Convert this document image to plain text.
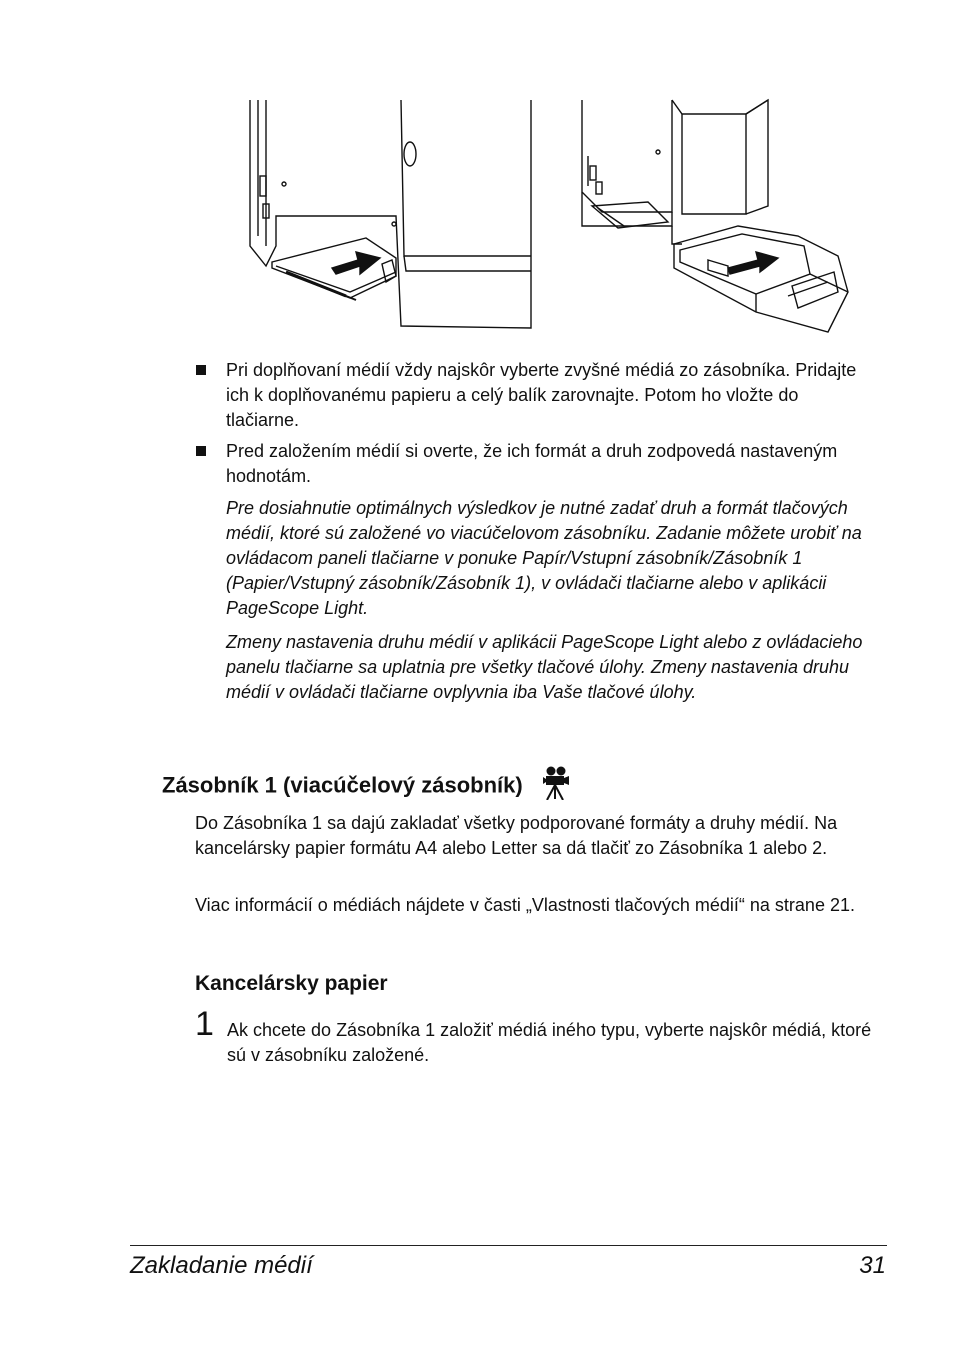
Pri doplňovaní médií vždy najskôr vyberte zvyšné médiá zo zásobníka. Pridajte ich k doplňovanému papieru a celý balík zarovnajte. Potom ho vložte do tlačiarne.
Pred založením médií si overte, že ich formát a druh zodpovedá nastaveným hodnotám.
Pre dosiahnutie optimálnych výsledkov je nutné zadať druh a formát tlačových médií, ktoré sú založené vo viacúčelovom zásobníku. Zadanie môžete urobiť na ovládacom paneli tlačiarne v ponuke Papír/Vstupní zásobník/Zásobník 1 (Papier/Vstupný zásobník/Zásobník 1), v ovládači tlačiarne alebo v aplikácii PageScope Light.
Zmeny nastavenia druhu médií v aplikácii PageScope Light alebo z ovládacieho panelu tlačiarne sa uplatnia pre všetky tlačové úlohy. Zmeny nastavenia druhu médií v ovládači tlačiarne ovplyvnia iba Vaše tlačové úlohy.
Zásobník 1 (viacúčelový zásobník)
Do Zásobníka 1 sa dajú zakladať všetky podporované formáty a druhy médií. Na kancelársky papier formátu A4 alebo Letter sa dá tlačiť zo Zásobníka 1 alebo 2.
Viac informácií o médiách nájdete v časti „Vlastnosti tlačových médií“ na strane 21.
Kancelársky papier
1 Ak chcete do Zásobníka 1 založiť médiá iného typu, vyberte najskôr médiá, ktoré sú v zásobníku založené.
Zakladanie médií	31
